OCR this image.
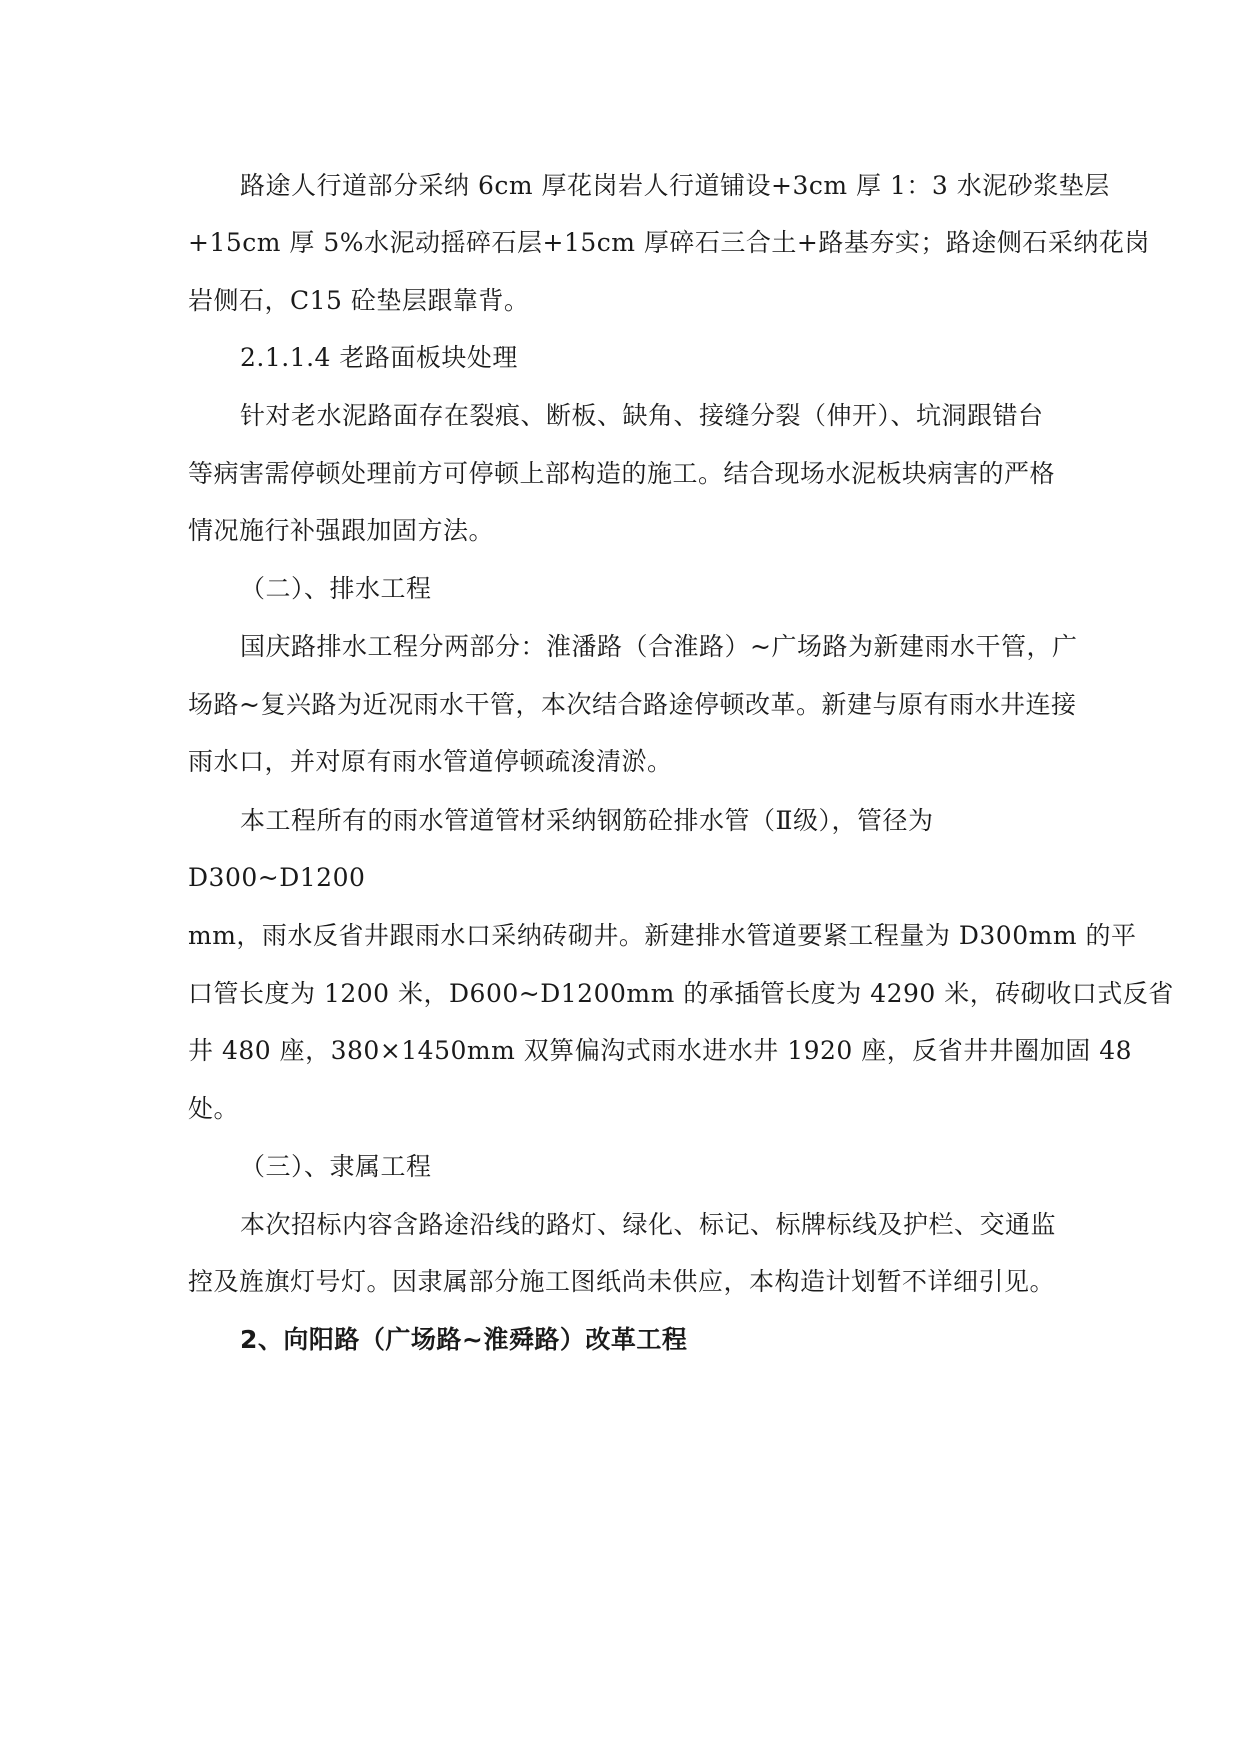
路途人行道部分采纳 6cm 厚花岗岩人行道铺设+3cm 厚 1：3 水泥砂浆垫层
+15cm 厚 5%水泥动摇碎石层+15cm 厚碎石三合土+路基夯实；路途侧石采纳花岗
岩侧石，C15 砼垫层跟靠背。
2.1.1.4 老路面板块处理
针对老水泥路面存在裂痕、断板、缺角、接缝分裂（伸开）、坑洞跟错台
等病害需停顿处理前方可停顿上部构造的施工。结合现场水泥板块病害的严格
情况施行补强跟加固方法。
（二）、排水工程
国庆路排水工程分两部分：淮潘路（合淮路）~广场路为新建雨水干管，广
场路~复兴路为近况雨水干管，本次结合路途停顿改革。新建与原有雨水井连接
雨水口，并对原有雨水管道停顿疏浚清淤。
本工程所有的雨水管道管材采纳钢筋砼排水管（Ⅱ级），管径为
D300~D1200
mm，雨水反省井跟雨水口采纳砖砌井。新建排水管道要紧工程量为 D300mm 的平
口管长度为 1200 米，D600~D1200mm 的承插管长度为 4290 米，砖砌收口式反省
井 480 座，380×1450mm 双箅偏沟式雨水进水井 1920 座，反省井井圈加固 48
处。
（三）、隶属工程
本次招标内容含路途沿线的路灯、绿化、标记、标牌标线及护栏、交通监
控及旌旗灯号灯。因隶属部分施工图纸尚未供应，本构造计划暂不详细引见。
2、向阳路（广场路~淮舜路）改革工程
